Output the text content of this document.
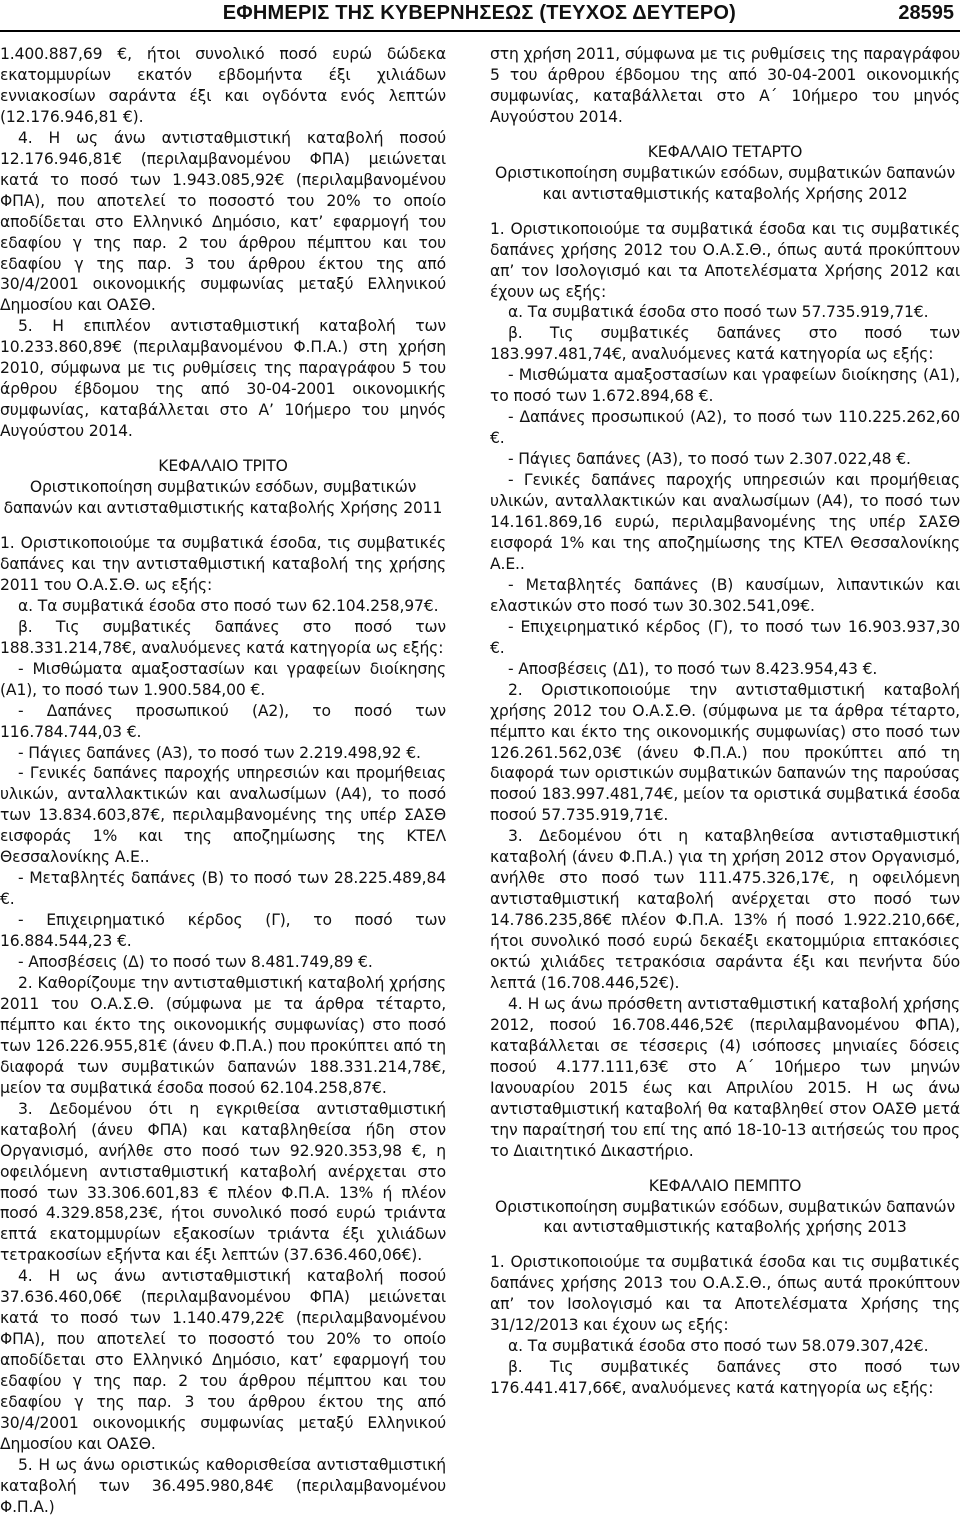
ΕΦΗΜΕΡΙΣ ΤΗΣ ΚΥΒΕΡΝΗΣΕΩΣ (ΤΕΥΧΟΣ ΔΕΥΤΕΡΟ)	28595

1.400.887,69 €, ήτοι συνολικό ποσό ευρώ δώδεκα εκατομμυρίων εκατόν εβδομήντα έξι χιλιάδων εννιακοσίων σαράντα έξι και ογδόντα ενός λεπτών (12.176.946,81 €).

4. Η ως άνω αντισταθμιστική καταβολή ποσού 12.176.946,81€ (περιλαμβανομένου ΦΠΑ) μειώνεται κατά το ποσό των 1.943.085,92€ (περιλαμβανομένου ΦΠΑ), που αποτελεί το ποσοστό του 20% το οποίο αποδίδεται στο Ελληνικό Δημόσιο, κατ’ εφαρμογή του εδαφίου γ της παρ. 2 του άρθρου πέμπτου και του εδαφίου γ της παρ. 3 του άρθρου έκτου της από 30/4/2001 οικονομικής συμφωνίας μεταξύ Ελληνικού Δημοσίου και ΟΑΣΘ.

5. Η επιπλέον αντισταθμιστική καταβολή των 10.233.860,89€ (περιλαμβανομένου Φ.Π.Α.) στη χρήση 2010, σύμφωνα με τις ρυθμίσεις της παραγράφου 5 του άρθρου έβδομου της από 30-04-2001 οικονομικής συμφωνίας, καταβάλλεται στο Α’ 10ήμερο του μηνός Αυγούστου 2014.

ΚΕΦΑΛΑΙΟ ΤΡΙΤΟ

Οριστικοποίηση συμβατικών εσόδων, συμβατικών δαπανών και αντισταθμιστικής καταβολής Χρήσης 2011

1. Οριστικοποιούμε τα συμβατικά έσοδα, τις συμβατικές δαπάνες και την αντισταθμιστική καταβολή της χρήσης 2011 του Ο.Α.Σ.Θ. ως εξής:

α. Τα συμβατικά έσοδα στο ποσό των 62.104.258,97€.

β. Τις συμβατικές δαπάνες στο ποσό των 188.331.214,78€, αναλυόμενες κατά κατηγορία ως εξής:

- Μισθώματα αμαξοστασίων και γραφείων διοίκησης (Α1), το ποσό των 1.900.584,00 €.

- Δαπάνες προσωπικού (Α2), το ποσό των 116.784.744,03 €.

- Πάγιες δαπάνες (Α3), το ποσό των 2.219.498,92 €.

- Γενικές δαπάνες παροχής υπηρεσιών και προμήθειας υλικών, ανταλλακτικών και αναλωσίμων (Α4), το ποσό των 13.834.603,87€, περιλαμβανομένης της υπέρ ΣΑΣΘ εισφοράς 1% και της αποζημίωσης της ΚΤΕΛ Θεσσαλονίκης Α.Ε..

- Μεταβλητές δαπάνες (Β) το ποσό των 28.225.489,84 €.

- Επιχειρηματικό κέρδος (Γ), το ποσό των 16.884.544,23 €.

- Αποσβέσεις (Δ) το ποσό των 8.481.749,89 €.

2. Καθορίζουμε την αντισταθμιστική καταβολή χρήσης 2011 του Ο.Α.Σ.Θ. (σύμφωνα με τα άρθρα τέταρτο, πέμπτο και έκτο της οικονομικής συμφωνίας) στο ποσό των 126.226.955,81€ (άνευ Φ.Π.Α.) που προκύπτει από τη διαφορά των συμβατικών δαπανών 188.331.214,78€, μείον τα συμβατικά έσοδα ποσού 62.104.258,87€.

3. Δεδομένου ότι η εγκριθείσα αντισταθμιστική καταβολή (άνευ ΦΠΑ) και καταβληθείσα ήδη στον Οργανισμό, ανήλθε στο ποσό των 92.920.353,98 €, η οφειλόμενη αντισταθμιστική καταβολή ανέρχεται στο ποσό των 33.306.601,83 € πλέον Φ.Π.Α. 13% ή πλέον ποσό 4.329.858,23€, ήτοι συνολικό ποσό ευρώ τριάντα επτά εκατομμυρίων εξακοσίων τριάντα έξι χιλιάδων τετρακοσίων εξήντα και έξι λεπτών (37.636.460,06€).

4. Η ως άνω αντισταθμιστική καταβολή ποσού 37.636.460,06€ (περιλαμβανομένου ΦΠΑ) μειώνεται κατά το ποσό των 1.140.479,22€ (περιλαμβανομένου ΦΠΑ), που αποτελεί το ποσοστό του 20% το οποίο αποδίδεται στο Ελληνικό Δημόσιο, κατ’ εφαρμογή του εδαφίου γ της παρ. 2 του άρθρου πέμπτου και του εδαφίου γ της παρ. 3 του άρθρου έκτου της από 30/4/2001 οικονομικής συμφωνίας μεταξύ Ελληνικού Δημοσίου και ΟΑΣΘ.

5. Η ως άνω οριστικώς καθορισθείσα αντισταθμιστική καταβολή των 36.495.980,84€ (περιλαμβανομένου Φ.Π.Α.)

στη χρήση 2011, σύμφωνα με τις ρυθμίσεις της παραγράφου 5 του άρθρου έβδομου της από 30-04-2001 οικονομικής συμφωνίας, καταβάλλεται στο Α΄ 10ήμερο του μηνός Αυγούστου 2014.

ΚΕΦΑΛΑΙΟ ΤΕΤΑΡΤΟ

Οριστικοποίηση συμβατικών εσόδων, συμβατικών δαπανών και αντισταθμιστικής καταβολής Χρήσης 2012

1. Οριστικοποιούμε τα συμβατικά έσοδα και τις συμβατικές δαπάνες χρήσης 2012 του Ο.Α.Σ.Θ., όπως αυτά προκύπτουν απ’ τον Ισολογισμό και τα Αποτελέσματα Χρήσης 2012 και έχουν ως εξής:

α. Τα συμβατικά έσοδα στο ποσό των 57.735.919,71€.

β. Τις συμβατικές δαπάνες στο ποσό των 183.997.481,74€, αναλυόμενες κατά κατηγορία ως εξής:

- Μισθώματα αμαξοστασίων και γραφείων διοίκησης (Α1), το ποσό των 1.672.894,68 €.

- Δαπάνες προσωπικού (Α2), το ποσό των 110.225.262,60 €.

- Πάγιες δαπάνες (Α3), το ποσό των 2.307.022,48 €.

- Γενικές δαπάνες παροχής υπηρεσιών και προμήθειας υλικών, ανταλλακτικών και αναλωσίμων (Α4), το ποσό των 14.161.869,16 ευρώ, περιλαμβανομένης της υπέρ ΣΑΣΘ εισφορά 1% και της αποζημίωσης της ΚΤΕΛ Θεσσαλονίκης Α.Ε..

- Μεταβλητές δαπάνες (Β) καυσίμων, λιπαντικών και ελαστικών στο ποσό των 30.302.541,09€.

- Επιχειρηματικό κέρδος (Γ), το ποσό των 16.903.937,30 €.

- Αποσβέσεις (Δ1), το ποσό των 8.423.954,43 €.

2. Οριστικοποιούμε την αντισταθμιστική καταβολή χρήσης 2012 του Ο.Α.Σ.Θ. (σύμφωνα με τα άρθρα τέταρτο, πέμπτο και έκτο της οικονομικής συμφωνίας) στο ποσό των 126.261.562,03€ (άνευ Φ.Π.Α.) που προκύπτει από τη διαφορά των οριστικών συμβατικών δαπανών της παρούσας ποσού 183.997.481,74€, μείον τα οριστικά συμβατικά έσοδα ποσού 57.735.919,71€.

3. Δεδομένου ότι η καταβληθείσα αντισταθμιστική καταβολή (άνευ Φ.Π.Α.) για τη χρήση 2012 στον Οργανισμό, ανήλθε στο ποσό των 111.475.326,17€, η οφειλόμενη αντισταθμιστική καταβολή ανέρχεται στο ποσό των 14.786.235,86€ πλέον Φ.Π.Α. 13% ή ποσό 1.922.210,66€, ήτοι συνολικό ποσό ευρώ δεκαέξι εκατομμύρια επτακόσιες οκτώ χιλιάδες τετρακόσια σαράντα έξι και πενήντα δύο λεπτά (16.708.446,52€).

4. Η ως άνω πρόσθετη αντισταθμιστική καταβολή χρήσης 2012, ποσού 16.708.446,52€ (περιλαμβανομένου ΦΠΑ), καταβάλλεται σε τέσσερις (4) ισόποσες μηνιαίες δόσεις ποσού 4.177.111,63€ στο Α΄ 10ήμερο των μηνών Ιανουαρίου 2015 έως και Απριλίου 2015. Η ως άνω αντισταθμιστική καταβολή θα καταβληθεί στον ΟΑΣΘ μετά την παραίτησή του επί της από 18-10-13 αιτήσεώς του προς το Διαιτητικό Δικαστήριο.

ΚΕΦΑΛΑΙΟ ΠΕΜΠΤΟ

Οριστικοποίηση συμβατικών εσόδων, συμβατικών δαπανών και αντισταθμιστικής καταβολής χρήσης 2013

1. Οριστικοποιούμε τα συμβατικά έσοδα και τις συμβατικές δαπάνες χρήσης 2013 του Ο.Α.Σ.Θ., όπως αυτά προκύπτουν απ’ τον Ισολογισμό και τα Αποτελέσματα Χρήσης της 31/12/2013 και έχουν ως εξής:

α. Τα συμβατικά έσοδα στο ποσό των 58.079.307,42€.

β. Τις συμβατικές δαπάνες στο ποσό των 176.441.417,66€, αναλυόμενες κατά κατηγορία ως εξής:
